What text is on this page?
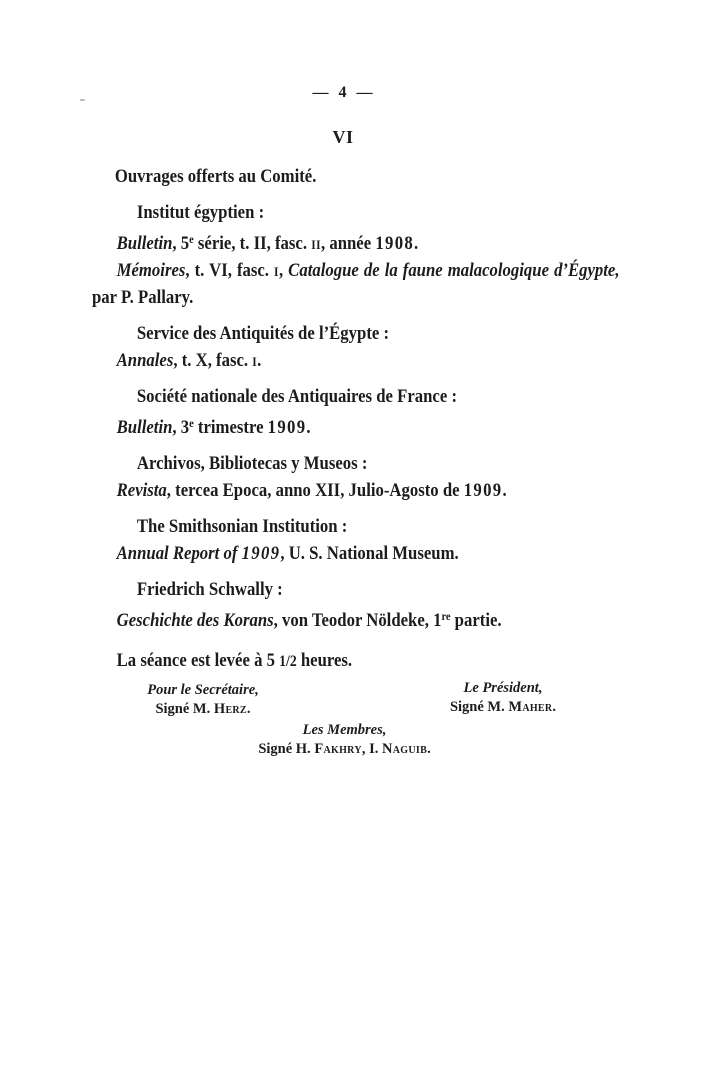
— 4 —
VI
Ouvrages offerts au Comité.
Institut égyptien :
Bulletin, 5e série, t. II, fasc. ii, année 1908.
Mémoires, t. VI, fasc. i, Catalogue de la faune malacologique d’Égypte,
par P. Pallary.
Service des Antiquités de l’Égypte :
Annales, t. X, fasc. i.
Société nationale des Antiquaires de France :
Bulletin, 3e trimestre 1909.
Archivos, Bibliotecas y Museos :
Revista, tercea Epoca, anno XII, Julio-Agosto de 1909.
The Smithsonian Institution :
Annual Report of 1909, U. S. National Museum.
Friedrich Schwally :
Geschichte des Korans, von Teodor Nöldeke, 1re partie.
La séance est levée à 5 1/2 heures.
Pour le Secrétaire,
Signé M. Herz.
Le Président,
Signé M. Maher.
Les Membres,
Signé H. Fakhry, I. Naguib.
